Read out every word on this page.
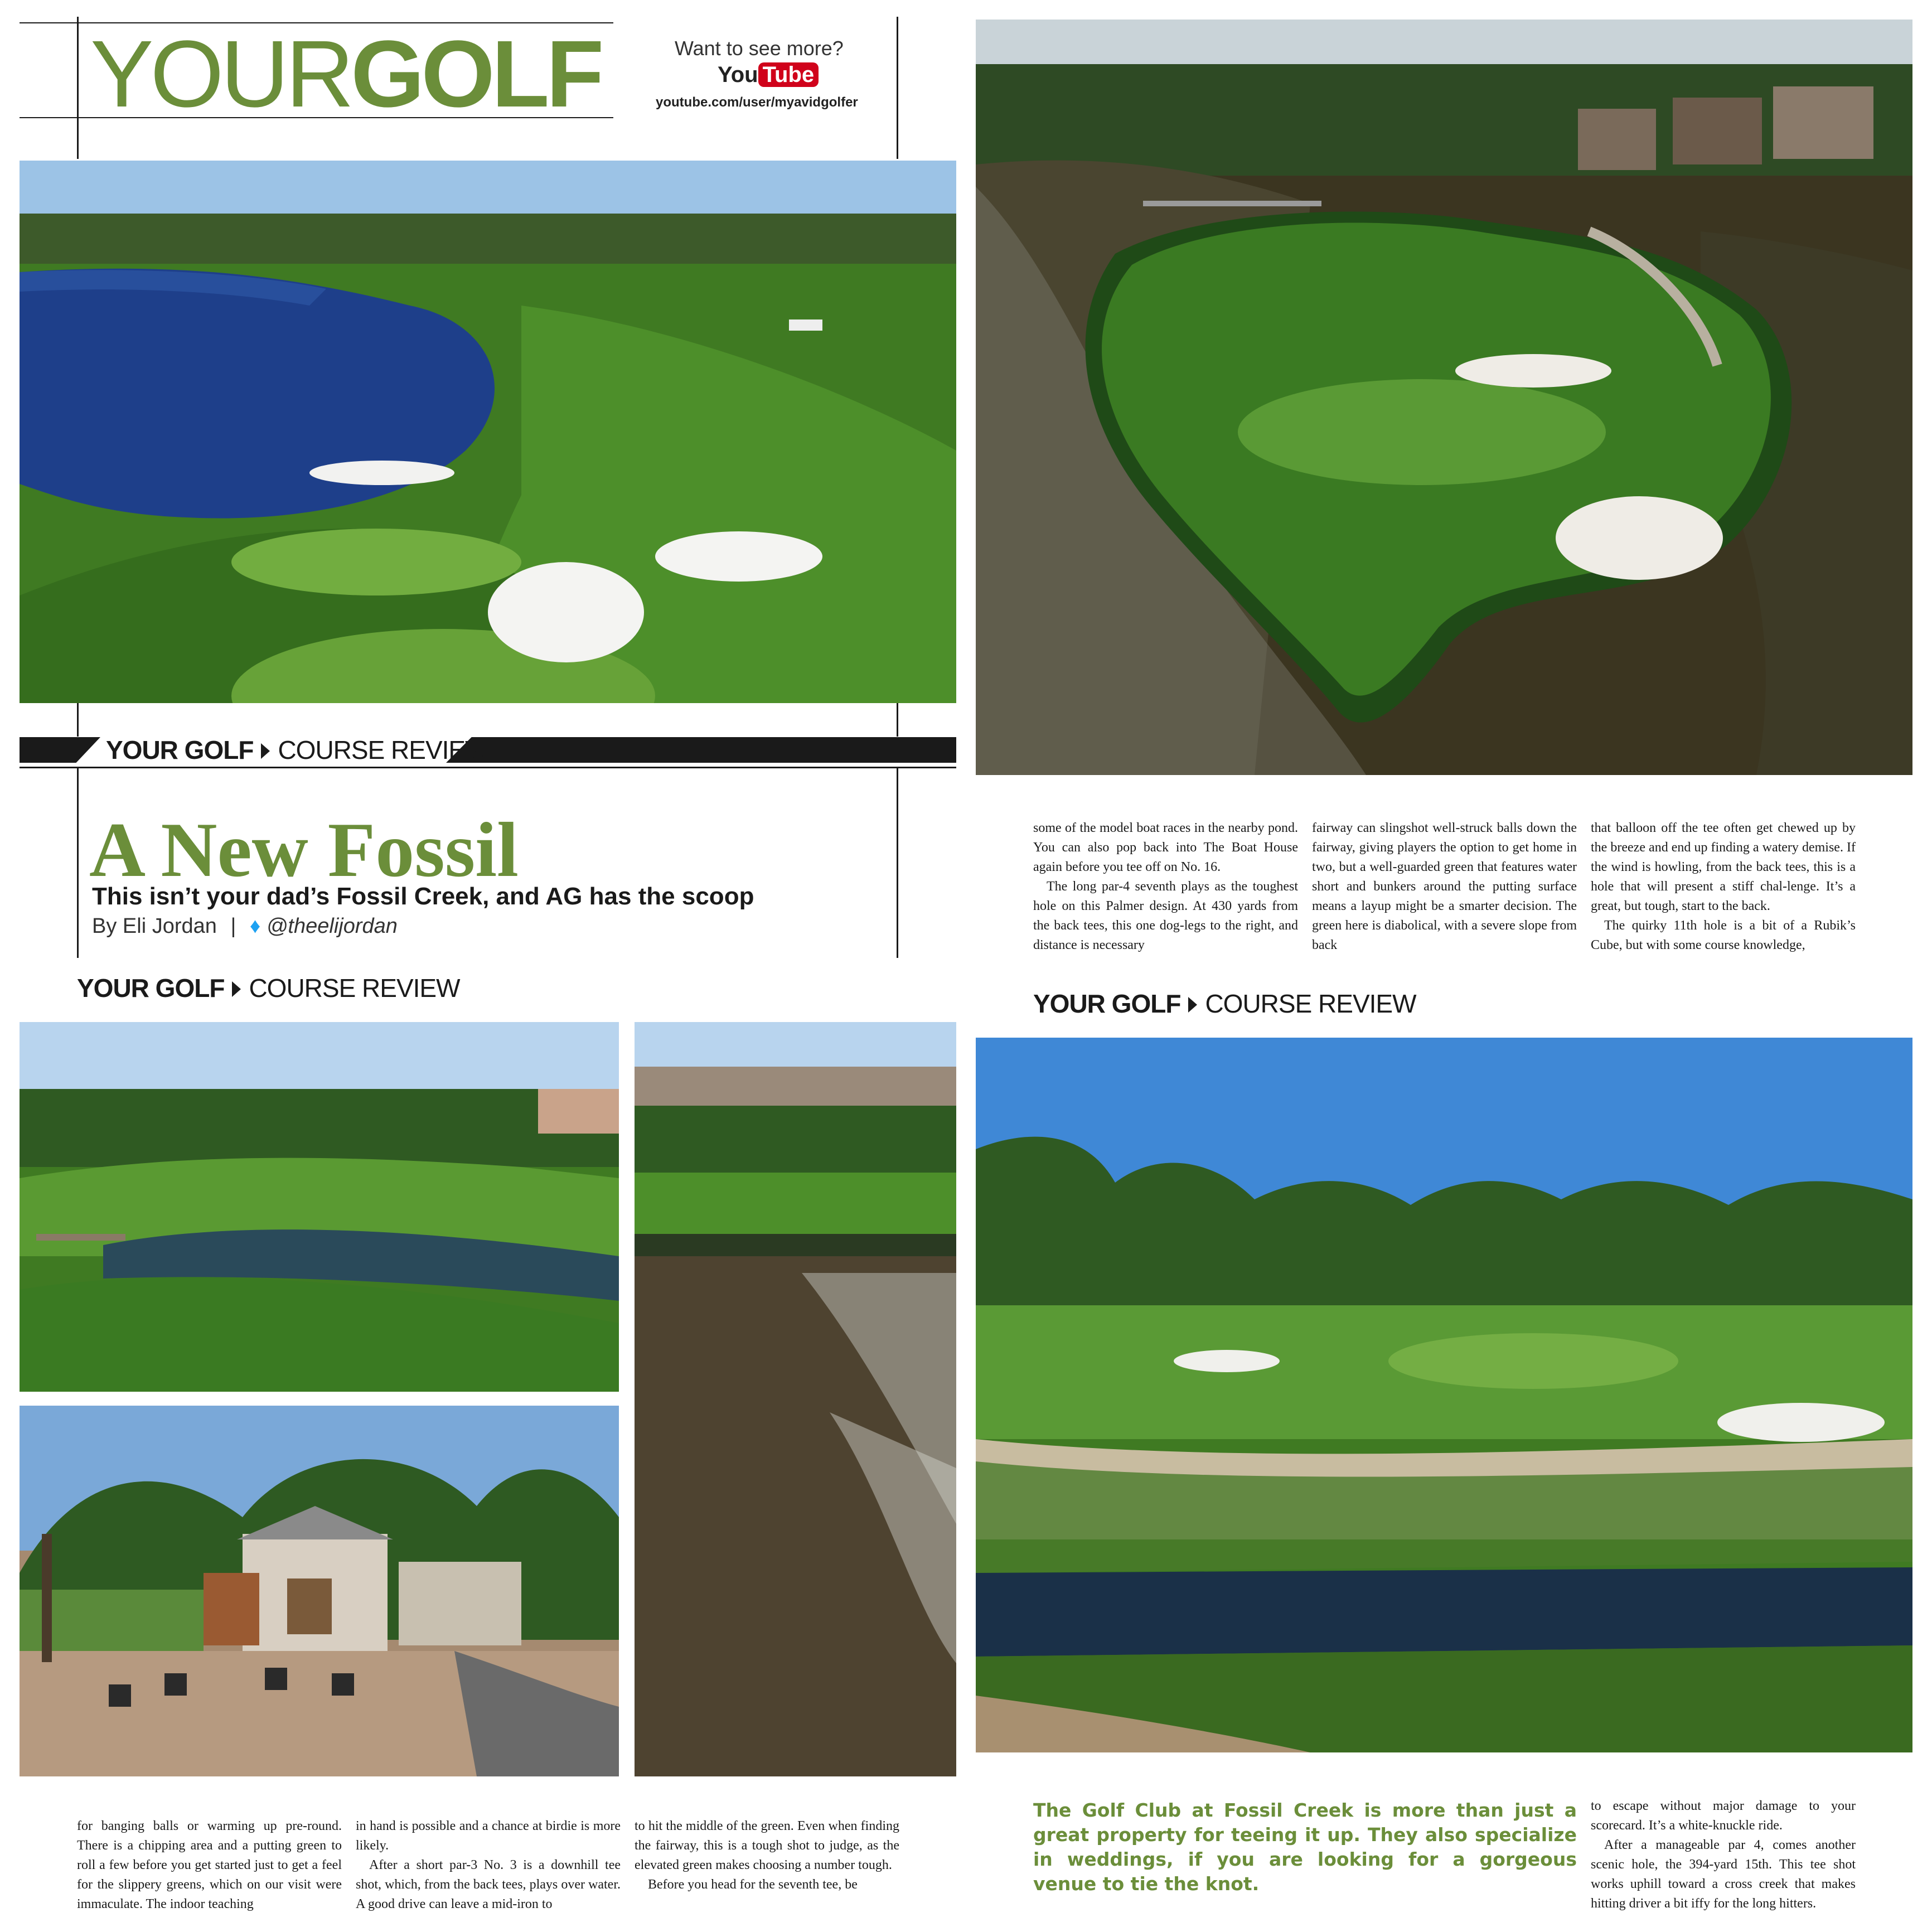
YOURGOLF	Want to see more?
You Tube
youtube.com/user/myavidgolfer
YOUR GOLF COURSE REVIEW
A New Fossil
This isn’t your dad’s Fossil Creek, and AG has the scoop
By Eli Jordan | ♦ @theelijordan

some of the model boat races in the nearby pond. You can also pop back into The Boat House again before you tee off on No. 16.

The long par-4 seventh plays as the toughest hole on this Palmer design. At 430 yards from the back tees, this one dog-legs to the right, and distance is necessary

fairway can slingshot well-struck balls down the fairway, giving players the option to get home in two, but a well-guarded green that features water short and bunkers around the putting surface means a layup might be a smarter decision. The green here is diabolical, with a severe slope from back

that balloon off the tee often get chewed up by the breeze and end up finding a watery demise. If the wind is howling, from the back tees, this is a hole that will present a stiff chal-lenge. It’s a great, but tough, start to the back.

The quirky 11th hole is a bit of a Rubik’s Cube, but with some course knowledge,

YOUR GOLF COURSE REVIEW

for banging balls or warming up pre-round. There is a chipping area and a putting green to roll a few before you get started just to get a feel for the slippery greens, which on our visit were immaculate. The indoor teaching

in hand is possible and a chance at birdie is more likely.

After a short par-3 No. 3 is a downhill tee shot, which, from the back tees, plays over water. A good drive can leave a mid-iron to

to hit the middle of the green. Even when finding the fairway, this is a tough shot to judge, as the elevated green makes choosing a number tough.

Before you head for the seventh tee, be

YOUR GOLF COURSE REVIEW
The Golf Club at Fossil Creek is more than just a great property for teeing it up. They also specialize in weddings, if you are looking for a gorgeous venue to tie the knot.

to escape without major damage to your scorecard. It’s a white-knuckle ride.

After a manageable par 4, comes another scenic hole, the 394-yard 15th. This tee shot works uphill toward a cross creek that makes hitting driver a bit iffy for the long hitters.
